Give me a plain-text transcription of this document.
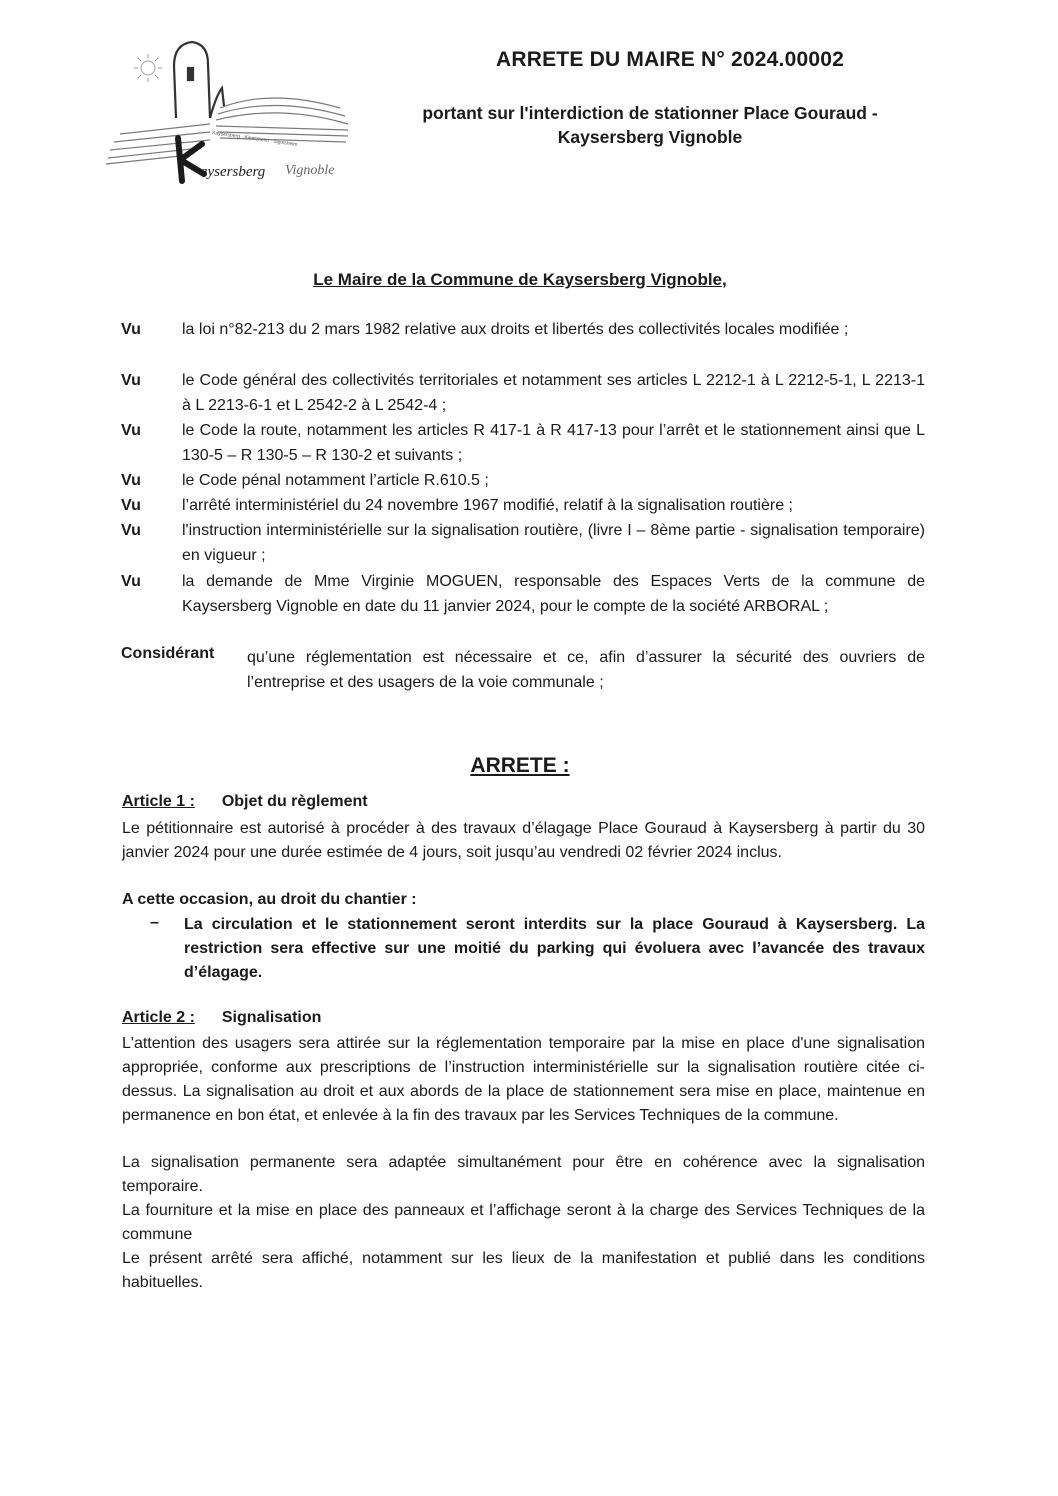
Kaysersberg · Kientzheim · Sigolsheim
aysersberg Vignoble
ARRETE DU MAIRE N° 2024.00002
portant sur l'interdiction de stationner Place Gouraud -
Kaysersberg Vignoble
Le Maire de la Commune de Kaysersberg Vignoble,
Vu	la loi n°82-213 du 2 mars 1982 relative aux droits et libertés des collectivités locales modifiée ;
Vu	le Code général des collectivités territoriales et notamment ses articles L 2212-1 à L 2212-5-1, L 2213-1 à L 2213-6-1 et L 2542-2 à L 2542-4 ;
Vu	le Code la route, notamment les articles R 417-1 à R 417-13 pour l’arrêt et le stationnement ainsi que L 130-5 – R 130-5 – R 130-2 et suivants ;
Vu	le Code pénal notamment l’article R.610.5 ;
Vu	l’arrêté interministériel du 24 novembre 1967 modifié, relatif à la signalisation routière ;
Vu	l'instruction interministérielle sur la signalisation routière, (livre I – 8ème partie - signalisation temporaire) en vigueur ;
Vu	la demande de Mme Virginie MOGUEN, responsable des Espaces Verts de la commune de Kaysersberg Vignoble en date du 11 janvier 2024, pour le compte de la société ARBORAL ;
Considérant qu’une réglementation est nécessaire et ce, afin d’assurer la sécurité des ouvriers de l’entreprise et des usagers de la voie communale ;
ARRETE :
Article 1 : Objet du règlement
Le pétitionnaire est autorisé à procéder à des travaux d’élagage Place Gouraud à Kaysersberg à partir du 30 janvier 2024 pour une durée estimée de 4 jours, soit jusqu’au vendredi 02 février 2024 inclus.
A cette occasion, au droit du chantier :
– La circulation et le stationnement seront interdits sur la place Gouraud à Kaysersberg. La restriction sera effective sur une moitié du parking qui évoluera avec l’avancée des travaux d’élagage.
Article 2 : Signalisation
L'attention des usagers sera attirée sur la réglementation temporaire par la mise en place d'une signalisation appropriée, conforme aux prescriptions de l’instruction interministérielle sur la signalisation routière citée ci-dessus. La signalisation au droit et aux abords de la place de stationnement sera mise en place, maintenue en permanence en bon état, et enlevée à la fin des travaux par les Services Techniques de la commune.
La signalisation permanente sera adaptée simultanément pour être en cohérence avec la signalisation temporaire.
La fourniture et la mise en place des panneaux et l’affichage seront à la charge des Services Techniques de la commune
Le présent arrêté sera affiché, notamment sur les lieux de la manifestation et publié dans les conditions habituelles.
